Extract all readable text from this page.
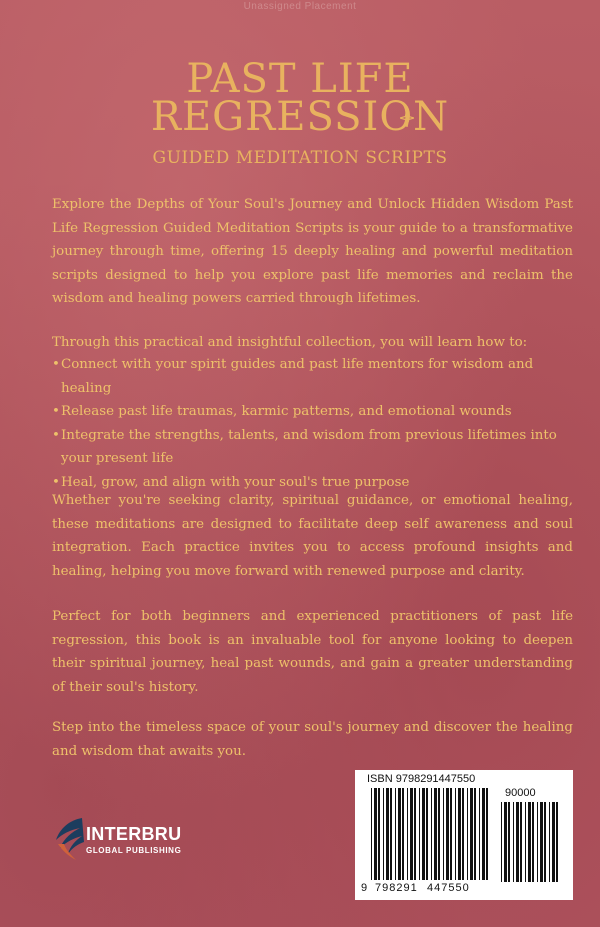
Unassigned Placement
PAST LIFE
REGRESSION
GUIDED MEDITATION SCRIPTS
Explore the Depths of Your Soul's Journey and Unlock Hidden Wisdom Past Life Regression Guided Meditation Scripts is your guide to a transformative journey through time, offering 15 deeply healing and powerful meditation scripts designed to help you explore past life memories and reclaim the wisdom and healing powers carried through lifetimes.
Through this practical and insightful collection, you will learn how to:
• Connect with your spirit guides and past life mentors for wisdom and healing
• Release past life traumas, karmic patterns, and emotional wounds
• Integrate the strengths, talents, and wisdom from previous lifetimes into your present life
• Heal, grow, and align with your soul's true purpose
Whether you're seeking clarity, spiritual guidance, or emotional healing, these meditations are designed to facilitate deep self awareness and soul integration. Each practice invites you to access profound insights and healing, helping you move forward with renewed purpose and clarity.
Perfect for both beginners and experienced practitioners of past life regression, this book is an invaluable tool for anyone looking to deepen their spiritual journey, heal past wounds, and gain a greater understanding of their soul's history.
Step into the timeless space of your soul's journey and discover the healing and wisdom that awaits you.
INTERBRU
GLOBAL PUBLISHING
ISBN 9798291447550
90000
9 798291 447550
